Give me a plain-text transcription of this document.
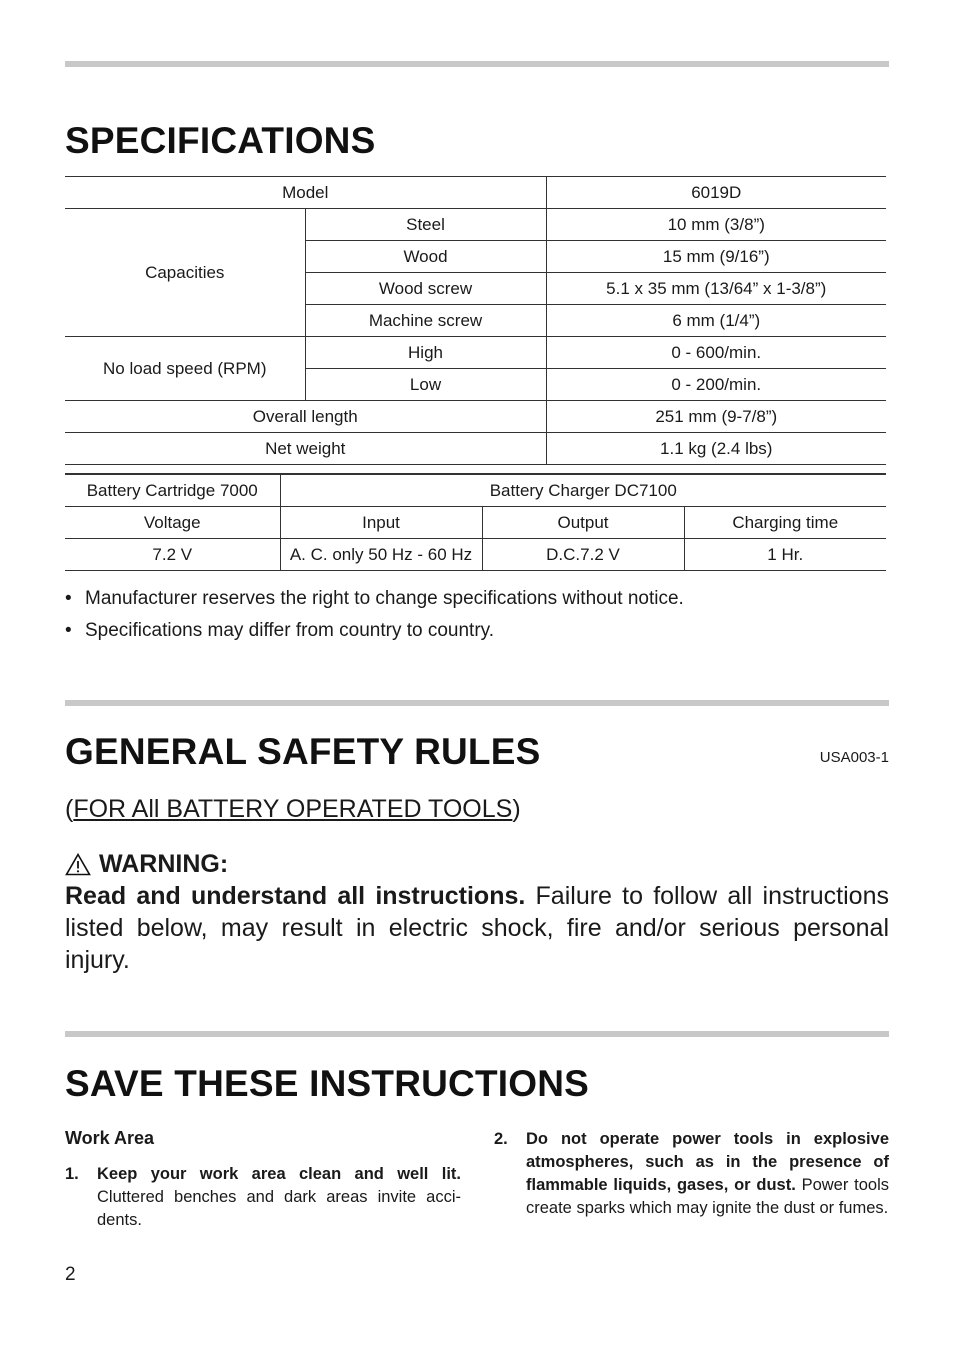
SPECIFICATIONS
Model		6019D
Capacities	Steel	10 mm (3/8”)
	Wood	15 mm (9/16”)
	Wood screw	5.1 x 35 mm (13/64” x 1-3/8”)
	Machine screw	6 mm (1/4”)
No load speed (RPM)	High	0 - 600/min.
	Low	0 - 200/min.
Overall length		251 mm (9-7/8”)
Net weight		1.1 kg (2.4 lbs)

Battery Cartridge 7000	Battery Charger DC7100		
Voltage	Input	Output	Charging time
7.2 V	A. C. only 50 Hz - 60 Hz	D.C.7.2 V	1 Hr.
• Manufacturer reserves the right to change specifications without notice.
• Specifications may differ from country to country.
GENERAL SAFETY RULES	USA003-1
(FOR All BATTERY OPERATED TOOLS)
WARNING:

Read and understand all instructions. Failure to follow all instructions listed below, may result in electric shock, fire and/or serious personal injury.

SAVE THESE INSTRUCTIONS
Work Area
1. Keep your work area clean and well lit. Cluttered benches and dark areas invite acci-dents.
2. Do not operate power tools in explosive atmospheres, such as in the presence of flammable liquids, gases, or dust. Power tools create sparks which may ignite the dust or fumes.
2
